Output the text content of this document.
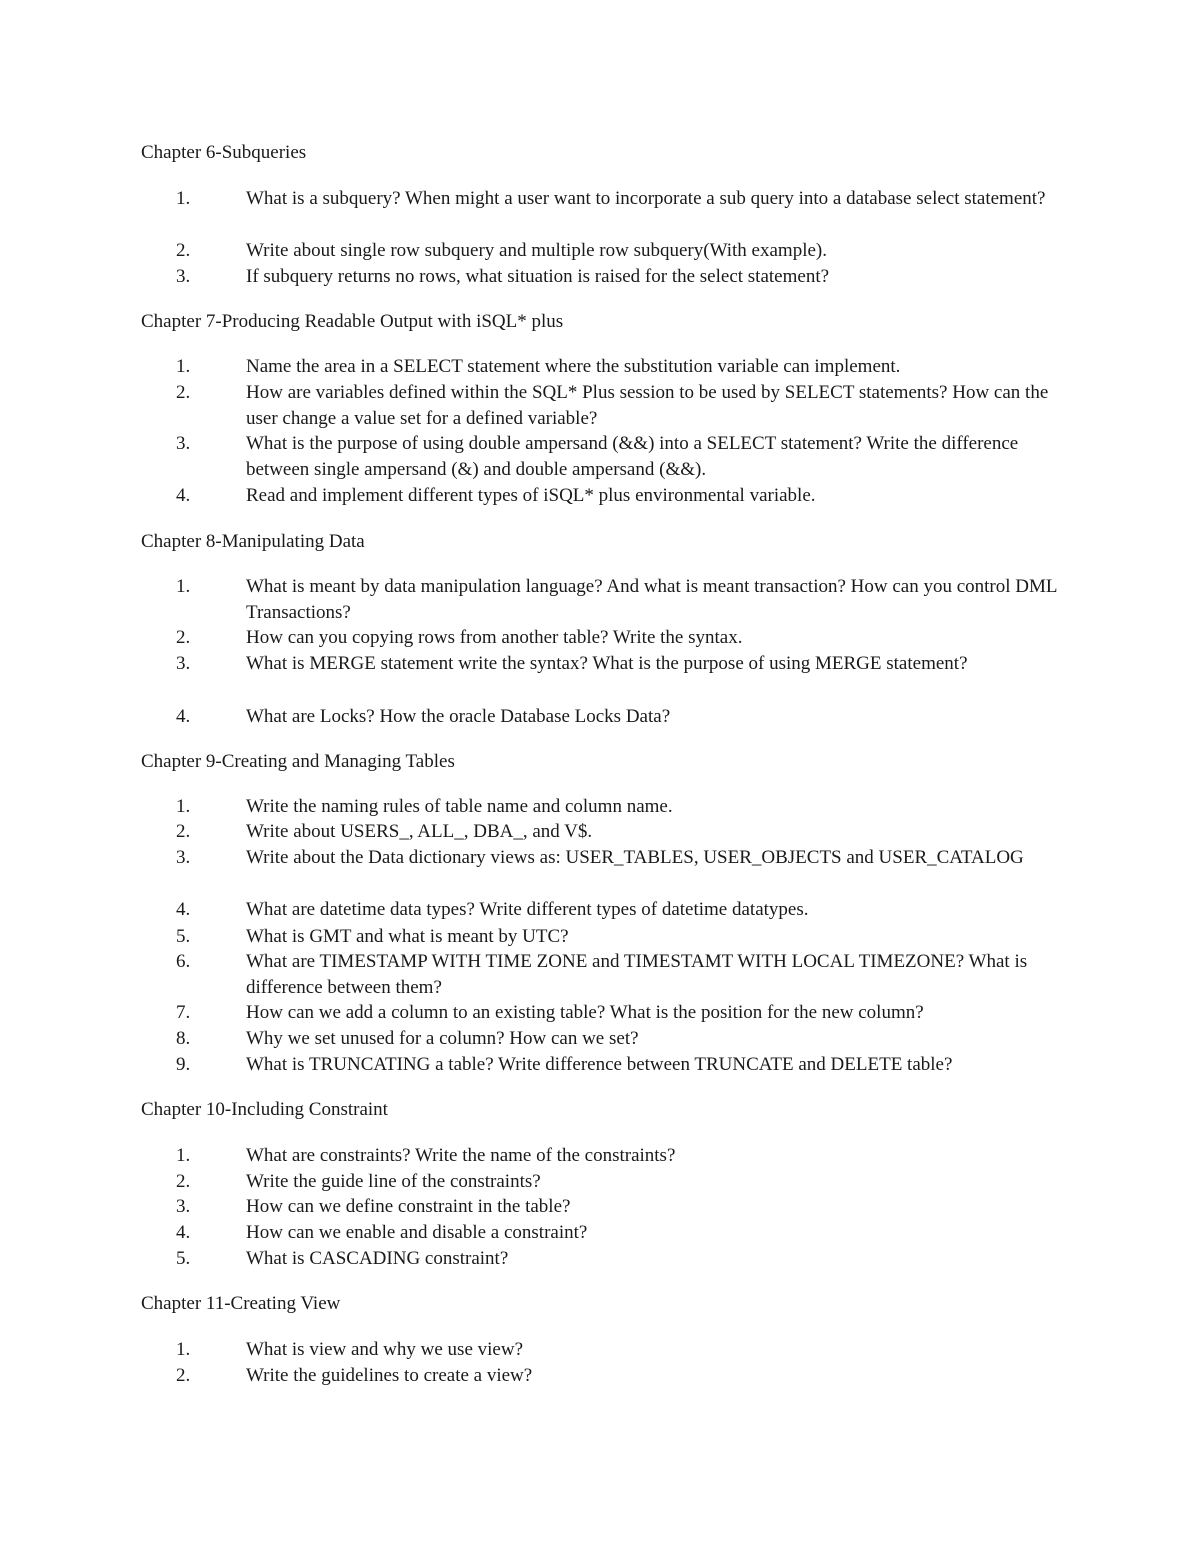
Chapter 6-Subqueries
1.	What is a subquery? When might a user want to incorporate a sub query into a database select statement?
2.	Write about single row subquery and multiple row subquery(With example).
3.	If subquery returns no rows, what situation is raised for the select statement?
Chapter 7-Producing Readable Output with iSQL* plus
1.	Name the area in a SELECT statement where the substitution variable can implement.
2.	How are variables defined within the SQL* Plus session to be used by SELECT statements? How can the user change a value set for a defined variable?
3.	What is the purpose of using double ampersand (&&) into a SELECT statement? Write the difference between single ampersand (&) and double ampersand (&&).
4.	Read and implement different types of iSQL* plus environmental variable.
Chapter 8-Manipulating Data
1.	What is meant by data manipulation language? And what is meant transaction? How can you control DML Transactions?
2.	How can you copying rows from another table? Write the syntax.
3.	What is MERGE statement write the syntax? What is the purpose of using MERGE statement?
4.	What are Locks? How the oracle Database Locks Data?
Chapter 9-Creating and Managing Tables
1.	Write the naming rules of table name and column name.
2.	Write about USERS_, ALL_, DBA_, and V$.
3.	Write about the Data dictionary views as: USER_TABLES, USER_OBJECTS and USER_CATALOG
4.	What are datetime data types? Write different types of datetime datatypes.
5.	What is GMT and what is meant by UTC?
6.	What are TIMESTAMP WITH TIME ZONE and TIMESTAMT WITH LOCAL TIMEZONE? What is difference between them?
7.	How can we add a column to an existing table? What is the position for the new column?
8.	Why we set unused for a column? How can we set?
9.	What is TRUNCATING a table? Write difference between TRUNCATE and DELETE table?
Chapter 10-Including Constraint
1.	What are constraints? Write the name of the constraints?
2.	Write the guide line of the constraints?
3.	How can we define constraint in the table?
4.	How can we enable and disable a constraint?
5.	What is CASCADING constraint?
Chapter 11-Creating View
1.	What is view and why we use view?
2.	Write the guidelines to create a view?
